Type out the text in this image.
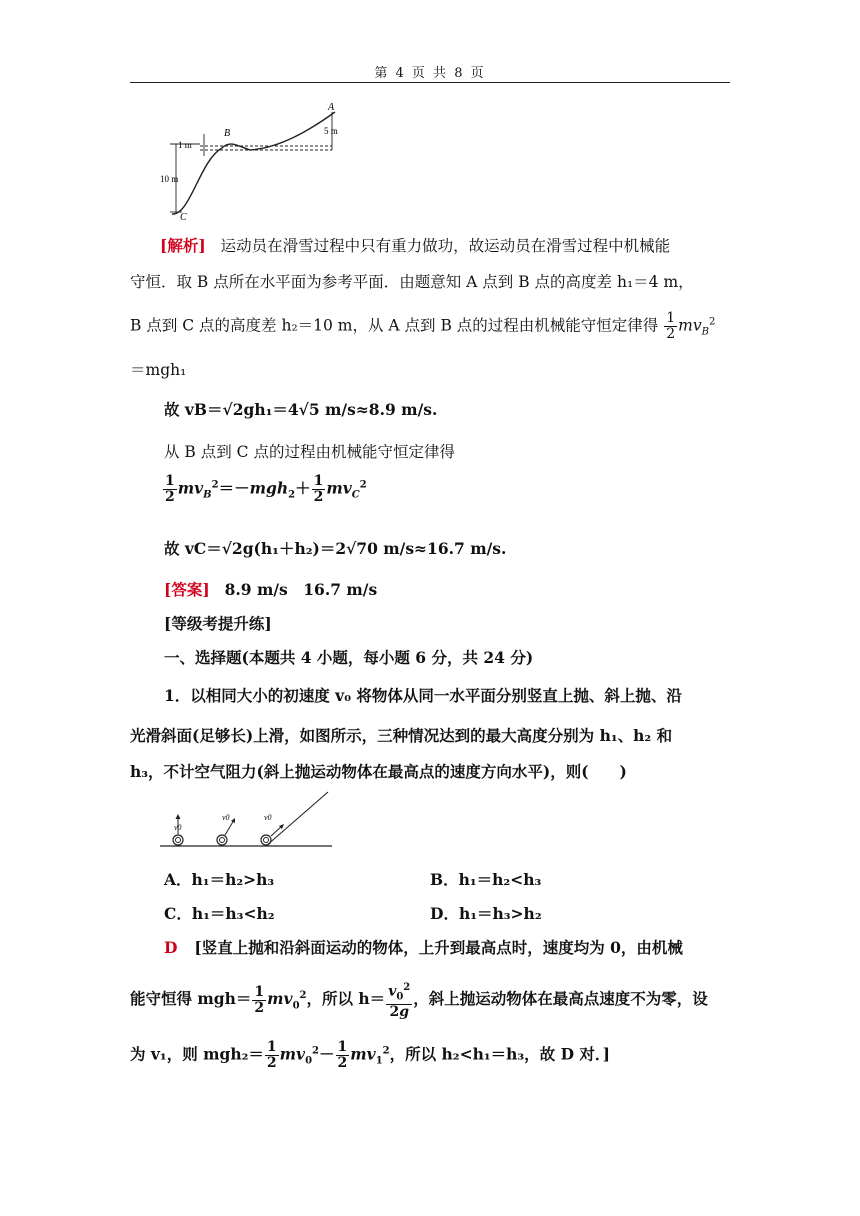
第 4 页 共 8 页
A
B
C
1 m
5 m
10 m
[解析] 运动员在滑雪过程中只有重力做功，故运动员在滑雪过程中机械能
守恒．取 B 点所在水平面为参考平面．由题意知 A 点到 B 点的高度差 h₁＝4 m，
B 点到 C 点的高度差 h₂＝10 m，从 A 点到 B 点的过程由机械能守恒定律得 $\frac{1}{2} mv_B^2$
＝mgh₁
故 vB＝√2gh₁＝4√5 m/s≈8.9 m/s.
从 B 点到 C 点的过程由机械能守恒定律得
$\frac{1}{2} mv_B^2=-mgh_2+ \frac{1}{2} mv_C^2$
故 vC＝√2g(h₁＋h₂)＝2√70 m/s≈16.7 m/s.
[答案] 8.9 m/s　16.7 m/s
[等级考提升练]
一、选择题(本题共 4 小题，每小题 6 分，共 24 分)
1．以相同大小的初速度 v₀ 将物体从同一水平面分别竖直上抛、斜上抛、沿
光滑斜面(足够长)上滑，如图所示，三种情况达到的最大高度分别为 h₁、h₂ 和
h₃，不计空气阻力(斜上抛运动物体在最高点的速度方向水平)，则(　　)
v0
v0	v0
A．h₁＝h₂>h₃	B．h₁＝h₂<h₃
C．h₁＝h₃<h₂	D．h₁＝h₃>h₂
D [竖直上抛和沿斜面运动的物体，上升到最高点时，速度均为 0，由机械
能守恒得 $mgh= \frac{1}{2} mv_0^2$，所以 $h= \frac{v_0^2}{2g}$ ，斜上抛运动物体在最高点速度不为零，设
为 v₁，则 $mgh_2= \frac{1}{2} mv_0^2- \frac{1}{2} mv_1^2$，所以 h₂<h₁＝h₃，故 D 对．]
